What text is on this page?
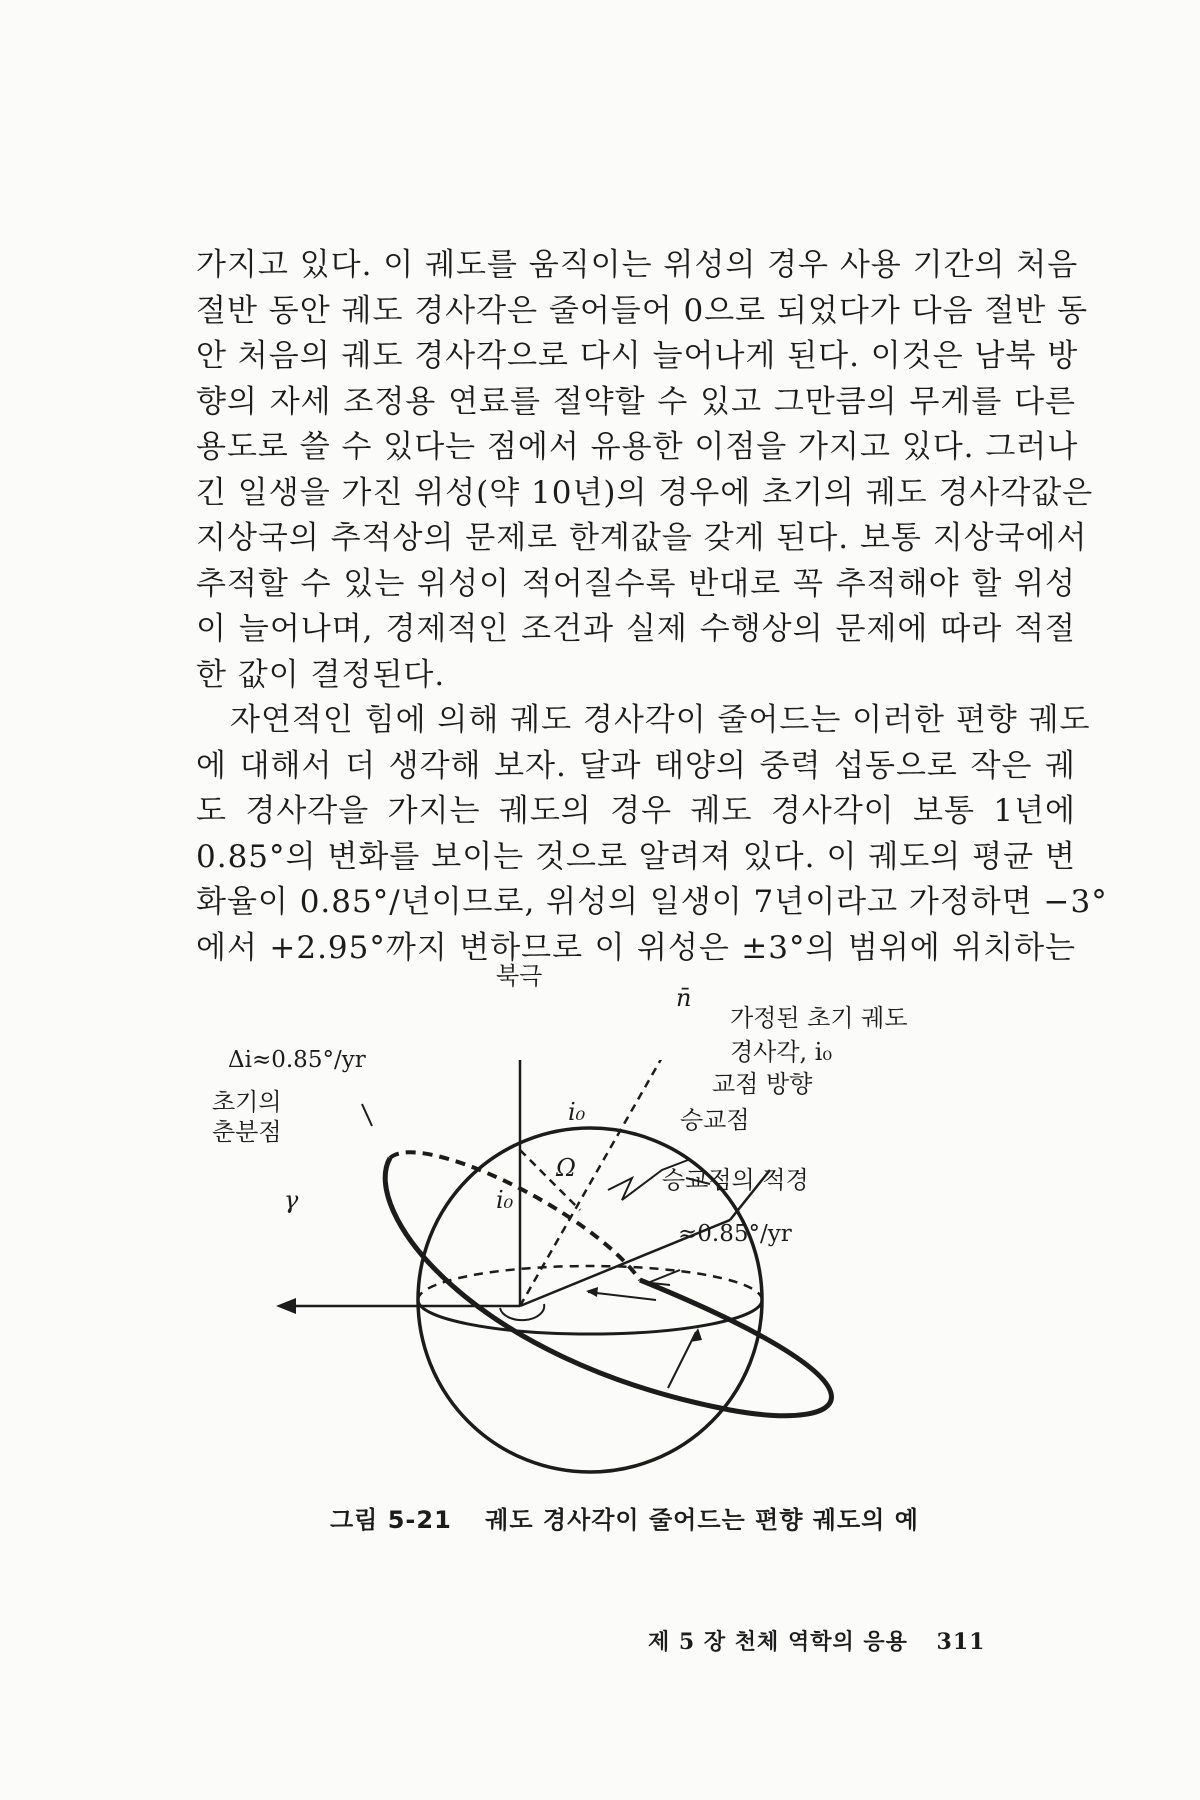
가지고 있다. 이 궤도를 움직이는 위성의 경우 사용 기간의 처음
절반 동안 궤도 경사각은 줄어들어 0으로 되었다가 다음 절반 동
안 처음의 궤도 경사각으로 다시 늘어나게 된다. 이것은 남북 방
향의 자세 조정용 연료를 절약할 수 있고 그만큼의 무게를 다른
용도로 쓸 수 있다는 점에서 유용한 이점을 가지고 있다. 그러나
긴 일생을 가진 위성(약 10년)의 경우에 초기의 궤도 경사각값은
지상국의 추적상의 문제로 한계값을 갖게 된다. 보통 지상국에서
추적할 수 있는 위성이 적어질수록 반대로 꼭 추적해야 할 위성
이 늘어나며, 경제적인 조건과 실제 수행상의 문제에 따라 적절
한 값이 결정된다.

자연적인 힘에 의해 궤도 경사각이 줄어드는 이러한 편향 궤도
에 대해서 더 생각해 보자. 달과 태양의 중력 섭동으로 작은 궤
도 경사각을 가지는 궤도의 경우 궤도 경사각이 보통 1년에
0.85°의 변화를 보이는 것으로 알려져 있다. 이 궤도의 평균 변
화율이 0.85°/년이므로, 위성의 일생이 7년이라고 가정하면 −3°
에서 +2.95°까지 변하므로 이 위성은 ±3°의 범위에 위치하는

북극
n̄
가정된 초기 궤도
경사각, i₀
Δi≈0.85°/yr
초기의
춘분점
γ
교점 방향
승교점
i₀
Ω	승교점의 적경
i₀
≈0.85°/yr
그림 5-21 궤도 경사각이 줄어드는 편향 궤도의 예
제 5 장 천체 역학의 응용 311
